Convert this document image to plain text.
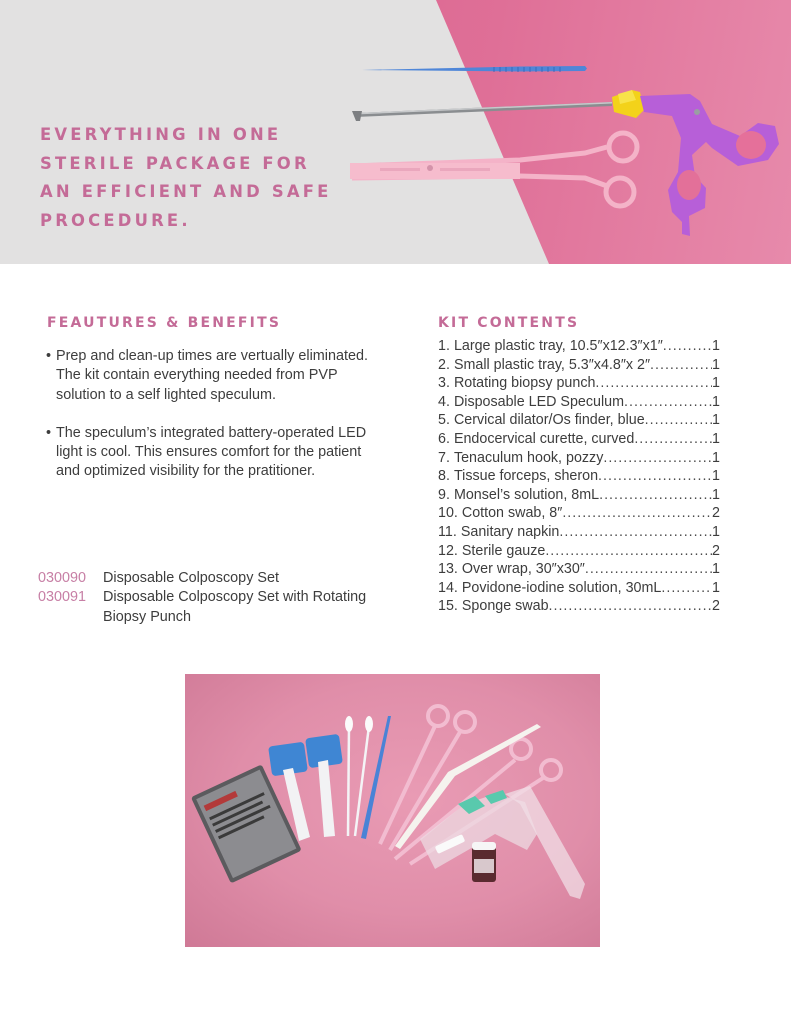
EVERYTHING IN ONE
STERILE PACKAGE FOR
AN EFFICIENT AND SAFE
PROCEDURE.
FEAUTURES & BENEFITS
• Prep and clean-up times are vertually eliminated. The kit contain everything needed from PVP solution to a self lighted speculum.
• The speculum’s integrated battery-operated LED light is cool. This ensures comfort for the patient and optimized visibility for the pratitioner.
030090	Disposable Colposcopy Set
030091	Disposable Colposcopy Set with Rotating Biopsy Punch
KIT CONTENTS
1. Large plastic tray, 10.5″x12.3″x1″ .....	1
2. Small plastic tray, 5.3″x4.8″x 2″ .....	1
3. Rotating biopsy punch .....	1
4. Disposable LED Speculum .....	1
5. Cervical dilator/Os finder, blue .....	1
6. Endocervical curette, curved .....	1
7. Tenaculum hook, pozzy .....	1
8. Tissue forceps, sheron .....	1
9. Monsel’s solution, 8mL .....	1
10. Cotton swab, 8″ .....	2
11. Sanitary napkin .....	1
12. Sterile gauze .....	2
13. Over wrap, 30″x30″ .....	1
14. Povidone-iodine solution, 30mL .....	1
15. Sponge swab .....	2
